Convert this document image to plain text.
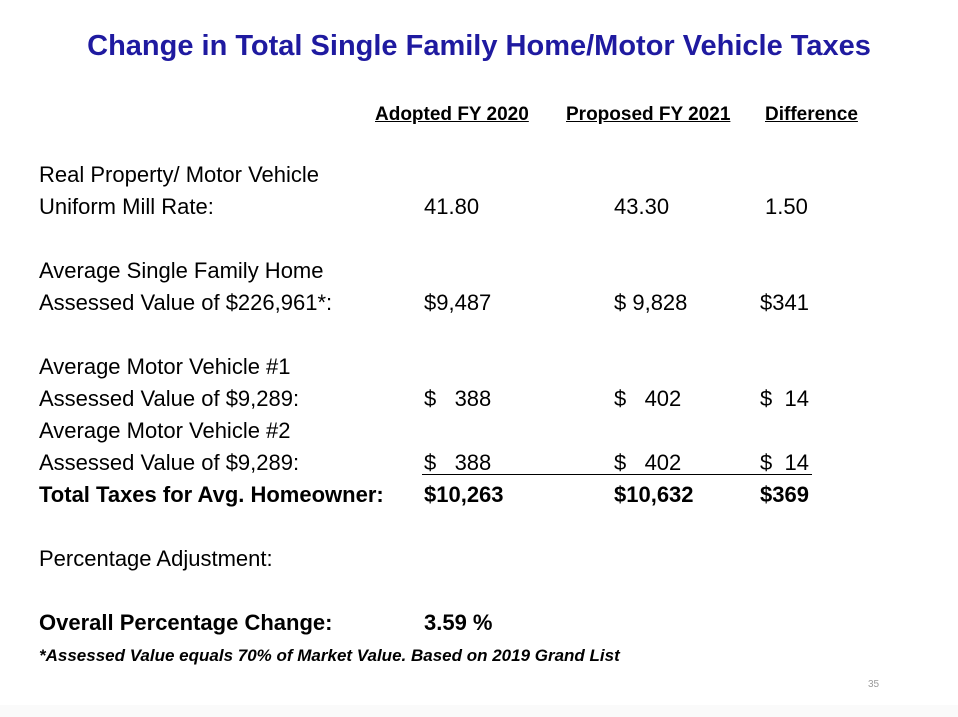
Change in Total Single Family Home/Motor Vehicle Taxes
Adopted FY 2020 Proposed FY 2021 Difference
Real Property/ Motor Vehicle
Uniform Mill Rate:	41.80	43.30	1.50
Average Single Family Home
Assessed Value of $226,961*:	$9,487	$ 9,828	$341
Average Motor Vehicle #1
Assessed Value of $9,289:	$   388	$   402	$  14
Average Motor Vehicle #2
Assessed Value of $9,289:	$   388	$   402	$  14
Total Taxes for Avg. Homeowner: $10,263	$10,632	$369
Percentage Adjustment:
Overall Percentage Change:	3.59 %
*Assessed Value equals 70% of Market Value. Based on 2019 Grand List
35
